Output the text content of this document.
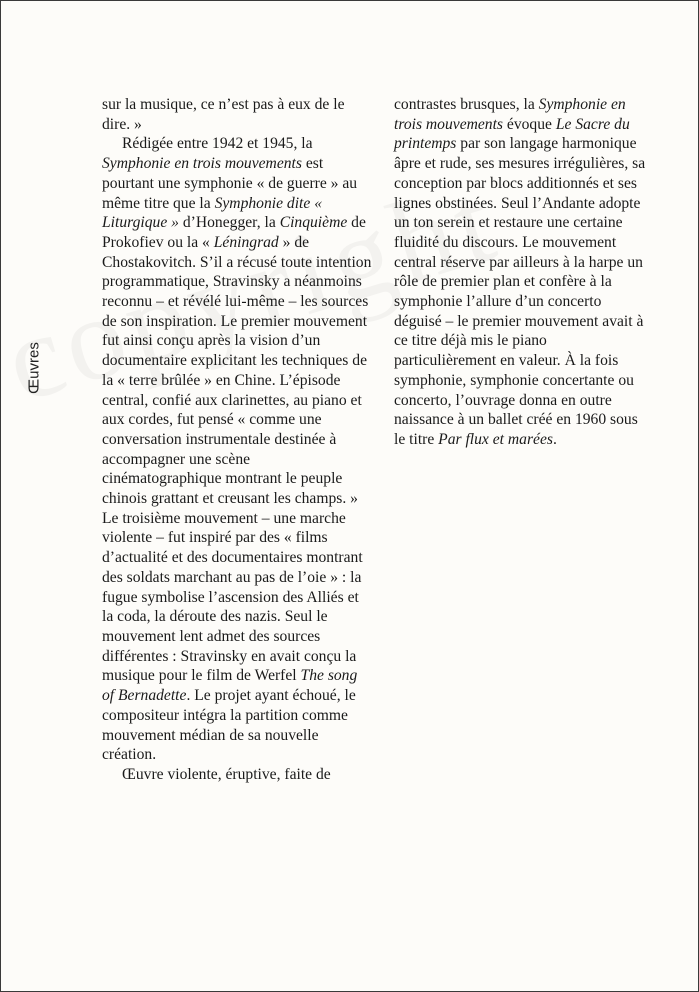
Œuvres

sur la musique, ce n’est pas à eux de le dire. »

Rédigée entre 1942 et 1945, la Symphonie en trois mouvements est pourtant une symphonie « de guerre » au même titre que la Symphonie dite « Liturgique » d’Honegger, la Cinquième de Prokofiev ou la « Léningrad » de Chostakovitch. S’il a récusé toute intention programmatique, Stravinsky a néanmoins reconnu – et révélé lui-même – les sources de son inspiration. Le premier mouvement fut ainsi conçu après la vision d’un documentaire explicitant les techniques de la « terre brûlée » en Chine. L’épisode central, confié aux clarinettes, au piano et aux cordes, fut pensé « comme une conversation instrumentale destinée à accompagner une scène cinématographique montrant le peuple chinois grattant et creusant les champs. » Le troisième mouvement – une marche violente – fut inspiré par des « films d’actualité et des documentaires montrant des soldats marchant au pas de l’oie » : la fugue symbolise l’ascension des Alliés et la coda, la déroute des nazis. Seul le mouvement lent admet des sources différentes : Stravinsky en avait conçu la musique pour le film de Werfel The song of Bernadette. Le projet ayant échoué, le compositeur intégra la partition comme mouvement médian de sa nouvelle création.

Œuvre violente, éruptive, faite de

contrastes brusques, la Symphonie en trois mouvements évoque Le Sacre du printemps par son langage harmonique âpre et rude, ses mesures irrégulières, sa conception par blocs additionnés et ses lignes obstinées. Seul l’Andante adopte un ton serein et restaure une certaine fluidité du discours. Le mouvement central réserve par ailleurs à la harpe un rôle de premier plan et confère à la symphonie l’allure d’un concerto déguisé – le premier mouvement avait à ce titre déjà mis le piano particulièrement en valeur. À la fois symphonie, symphonie concertante ou concerto, l’ouvrage donna en outre naissance à un ballet créé en 1960 sous le titre Par flux et marées.
